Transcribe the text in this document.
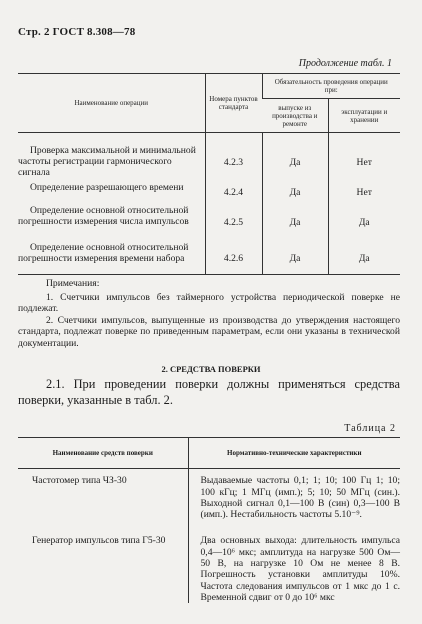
Стр. 2 ГОСТ 8.308—78
Продолжение табл. 1
Наименование операции	Номера пунктов стандарта	Обязательность проведения операции при:	
		выпуске из производства и ремонте	эксплуатации и хранении
Проверка максимальной и минимальной частоты регистрации гармонического сигнала	4.2.3	Да	Нет
Определение разрешающего времени	4.2.4	Да	Нет
Определение основной относительной погрешности измерения числа импульсов	4.2.5	Да	Да
Определение основной относительной погрешности измерения времени набора	4.2.6	Да	Да
Примечания:
1. Счетчики импульсов без таймерного устройства периодической поверке не подлежат.
2. Счетчики импульсов, выпущенные из производства до утверждения настоящего стандарта, подлежат поверке по приведенным параметрам, если они указаны в технической документации.
2. СРЕДСТВА ПОВЕРКИ
2.1. При проведении поверки должны применяться средства поверки, указанные в табл. 2.
Таблица 2
Наименование средств поверки	Нормативно-технические характеристики
Частотомер типа ЧЗ-30	Выдаваемые частоты 0,1; 1; 10; 100 Гц 1; 10; 100 кГц; 1 МГц (имп.); 5; 10; 50 МГц (син.). Выходной сигнал 0,1—100 В (син) 0,3—100 В (имп.). Нестабильность частоты 5.10⁻⁹.
Генератор импульсов типа Г5-30	Два основных выхода: длительность импульса 0,4—10⁶ мкс; амплитуда на нагрузке 500 Ом—50 В, на нагрузке 10 Ом не менее 8 В. Погрешность установки амплитуды 10%. Частота следования импульсов от 1 мкс до 1 с. Временной сдвиг от 0 до 10⁶ мкс
